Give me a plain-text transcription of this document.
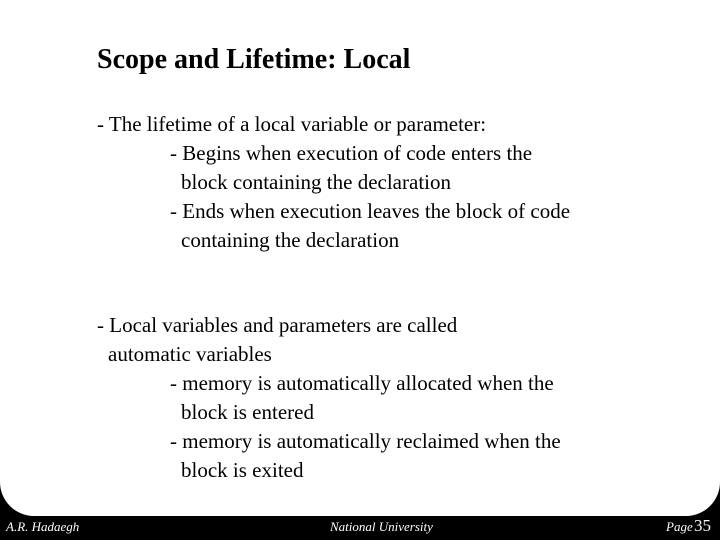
Scope and Lifetime: Local
- The lifetime of a local variable or parameter:
- Begins when execution of code enters the
block containing the declaration
- Ends when execution leaves the block of code
containing the declaration
- Local variables and parameters are called
automatic variables
- memory is automatically allocated when the
block is entered
- memory is automatically reclaimed when the
block is exited
A.R. Hadaegh	National University	Page 35
